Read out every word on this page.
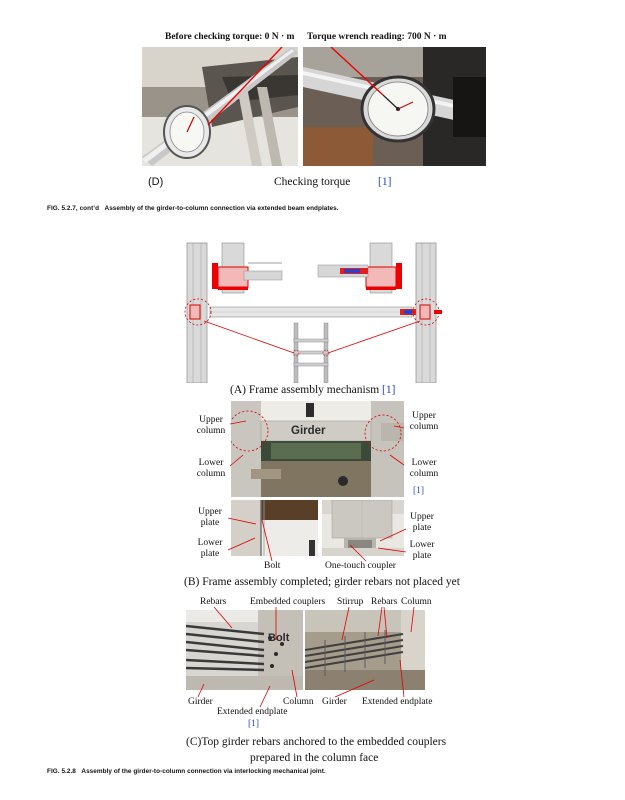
Before checking torque: 0 N · m Torque wrench reading: 700 N · m
(D)	Checking torque [1]
FIG. 5.2.7, cont’d Assembly of the girder-to-column connection via extended beam endplates.
(A) Frame assembly mechanism [1]
Girder
Upper column
Lower column
Upper column
Lower column
[1]
Upper plate
Lower plate
Upper plate
Lower plate
Bolt	One-touch coupler
(B) Frame assembly completed; girder rebars not placed yet
Rebars Embedded couplers Stirrup Rebars Column
Bolt
Girder	Column
Extended endplate
Girder Extended endplate
[1]
(C)Top girder rebars anchored to the embedded couplers
prepared in the column face
FIG. 5.2.8 Assembly of the girder-to-column connection via interlocking mechanical joint.
